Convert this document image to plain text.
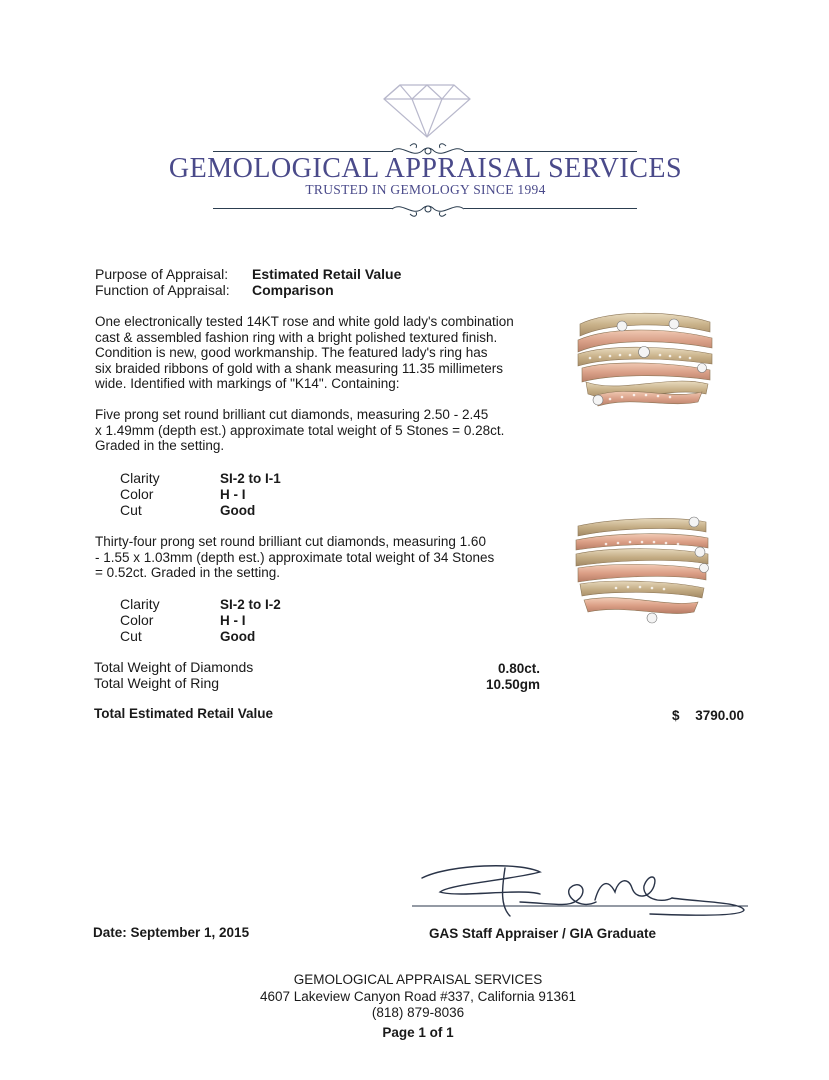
GEMOLOGICAL APPRAISAL SERVICES
TRUSTED IN GEMOLOGY SINCE 1994
Purpose of Appraisal: Estimated Retail Value
Function of Appraisal: Comparison
One electronically tested 14KT rose and white gold lady's combination
cast & assembled fashion ring with a bright polished textured finish.
Condition is new, good workmanship. The featured lady's ring has
six braided ribbons of gold with a shank measuring 11.35 millimeters
wide. Identified with markings of "K14". Containing:
Five prong set round brilliant cut diamonds, measuring 2.50 - 2.45
x 1.49mm (depth est.) approximate total weight of 5 Stones = 0.28ct.
Graded in the setting.
Clarity	SI-2 to I-1
Color	H - I
Cut	Good
Thirty-four prong set round brilliant cut diamonds, measuring 1.60
- 1.55 x 1.03mm (depth est.) approximate total weight of 34 Stones
= 0.52ct. Graded in the setting.
Clarity	SI-2 to I-2
Color	H - I
Cut	Good
Total Weight of Diamonds	0.80ct.
Total Weight of Ring	10.50gm
Total Estimated Retail Value	$	3790.00
Date: September 1, 2015	GAS Staff Appraiser / GIA Graduate
GEMOLOGICAL APPRAISAL SERVICES
4607 Lakeview Canyon Road #337, California 91361
(818) 879-8036
Page 1 of 1
